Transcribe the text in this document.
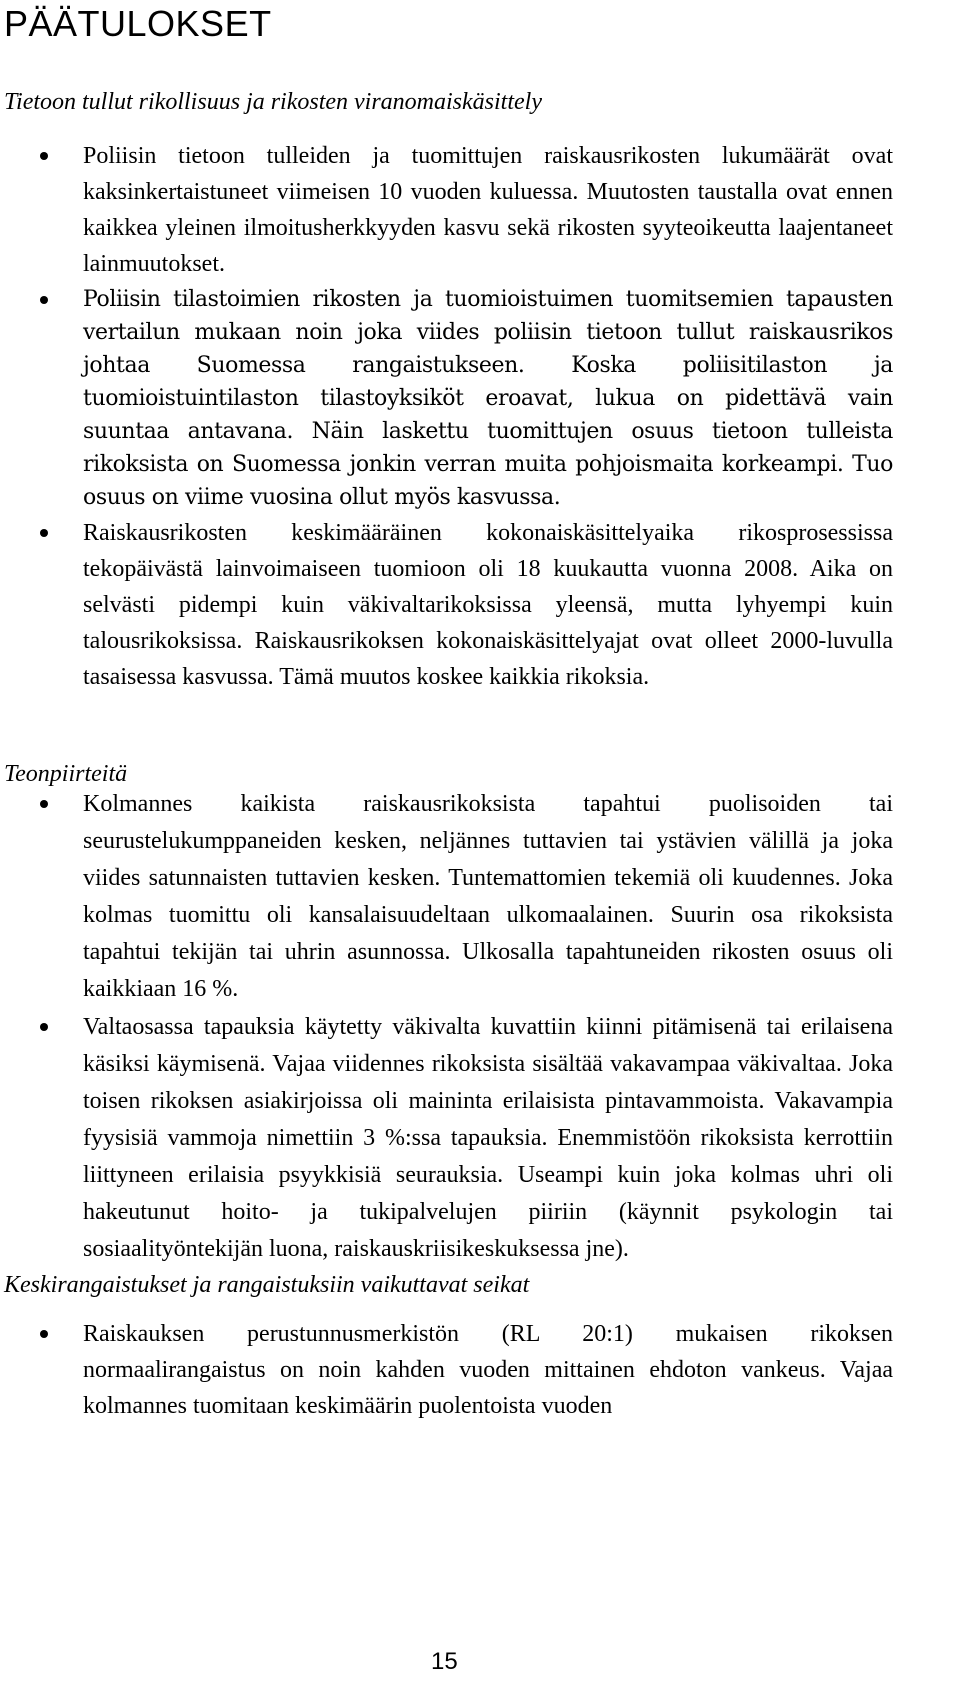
PÄÄTULOKSET
Tietoon tullut rikollisuus ja rikosten viranomaiskäsittely
Poliisin tietoon tulleiden ja tuomittujen raiskausrikosten lukumäärät ovat kaksinkertaistuneet viimeisen 10 vuoden kuluessa. Muutosten taustalla ovat ennen kaikkea yleinen ilmoitusherkkyyden kasvu sekä rikosten syyteoikeutta laajentaneet lainmuutokset.
Poliisin tilastoimien rikosten ja tuomioistuimen tuomitsemien tapausten vertailun mukaan noin joka viides poliisin tietoon tullut raiskausrikos johtaa Suomessa rangaistukseen. Koska poliisitilaston ja tuomioistuintilaston tilastoyksiköt eroavat, lukua on pidettävä vain suuntaa antavana. Näin laskettu tuomittujen osuus tietoon tulleista rikoksista on Suomessa jonkin verran muita pohjoismaita korkeampi. Tuo osuus on viime vuosina ollut myös kasvussa.
Raiskausrikosten keskimääräinen kokonaiskäsittelyaika rikosprosessissa tekopäivästä lainvoimaiseen tuomioon oli 18 kuukautta vuonna 2008. Aika on selvästi pidempi kuin väkivaltarikoksissa yleensä, mutta lyhyempi kuin talousrikoksissa. Raiskausrikoksen kokonaiskäsittelyajat ovat olleet 2000-luvulla tasaisessa kasvussa. Tämä muutos koskee kaikkia rikoksia.
Teonpiirteitä
Kolmannes kaikista raiskausrikoksista tapahtui puolisoiden tai seurustelukumppaneiden kesken, neljännes tuttavien tai ystävien välillä ja joka viides satunnaisten tuttavien kesken. Tuntemattomien tekemiä oli kuudennes. Joka kolmas tuomittu oli kansalaisuudeltaan ulkomaalainen. Suurin osa rikoksista tapahtui tekijän tai uhrin asunnossa. Ulkosalla tapahtuneiden rikosten osuus oli kaikkiaan 16 %.
Valtaosassa tapauksia käytetty väkivalta kuvattiin kiinni pitämisenä tai erilaisena käsiksi käymisenä. Vajaa viidennes rikoksista sisältää vakavampaa väkivaltaa. Joka toisen rikoksen asiakirjoissa oli maininta erilaisista pintavammoista. Vakavampia fyysisiä vammoja nimettiin 3 %:ssa tapauksia. Enemmistöön rikoksista kerrottiin liittyneen erilaisia psyykkisiä seurauksia. Useampi kuin joka kolmas uhri oli hakeutunut hoito- ja tukipalvelujen piiriin (käynnit psykologin tai sosiaalityöntekijän luona, raiskauskriisikeskuksessa jne).
Keskirangaistukset ja rangaistuksiin vaikuttavat seikat
Raiskauksen perustunnusmerkistön (RL 20:1) mukaisen rikoksen normaalirangaistus on noin kahden vuoden mittainen ehdoton vankeus. Vajaa kolmannes tuomitaan keskimäärin puolentoista vuoden
15
